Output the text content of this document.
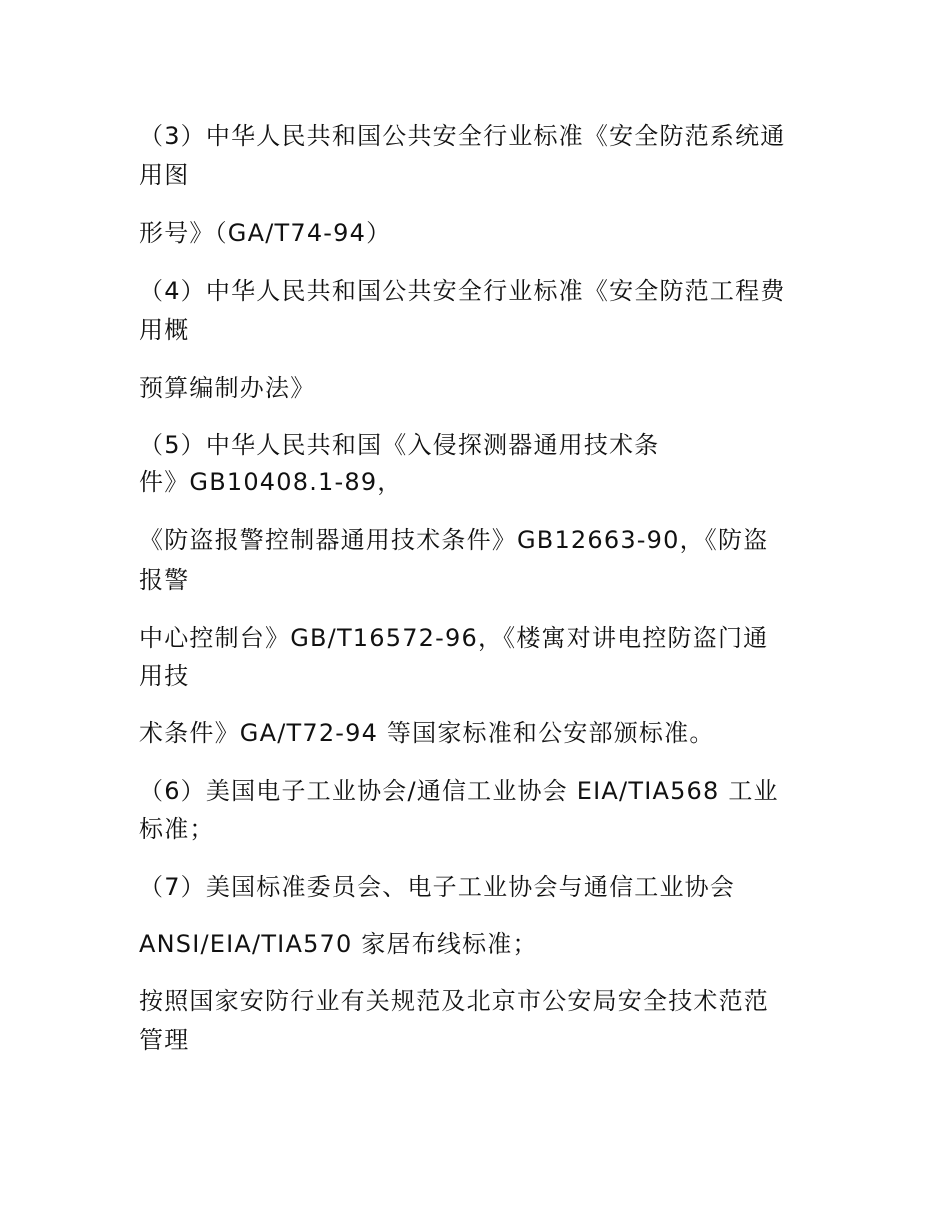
（3）中华人民共和国公共安全行业标准《安全防范系统通
用图
形号》（GA/T74-94）
（4）中华人民共和国公共安全行业标准《安全防范工程费
用概
预算编制办法》
（5）中华人民共和国《入侵探测器通用技术条
件》GB10408.1-89，
《防盗报警控制器通用技术条件》GB12663-90，《防盗
报警
中心控制台》GB/T16572-96，《楼寓对讲电控防盗门通
用技
术条件》GA/T72-94 等国家标准和公安部颁标准。
（6）美国电子工业协会/通信工业协会 EIA/TIA568 工业
标准；
（7）美国标准委员会、电子工业协会与通信工业协会
ANSI/EIA/TIA570 家居布线标准；
按照国家安防行业有关规范及北京市公安局安全技术范范
管理
